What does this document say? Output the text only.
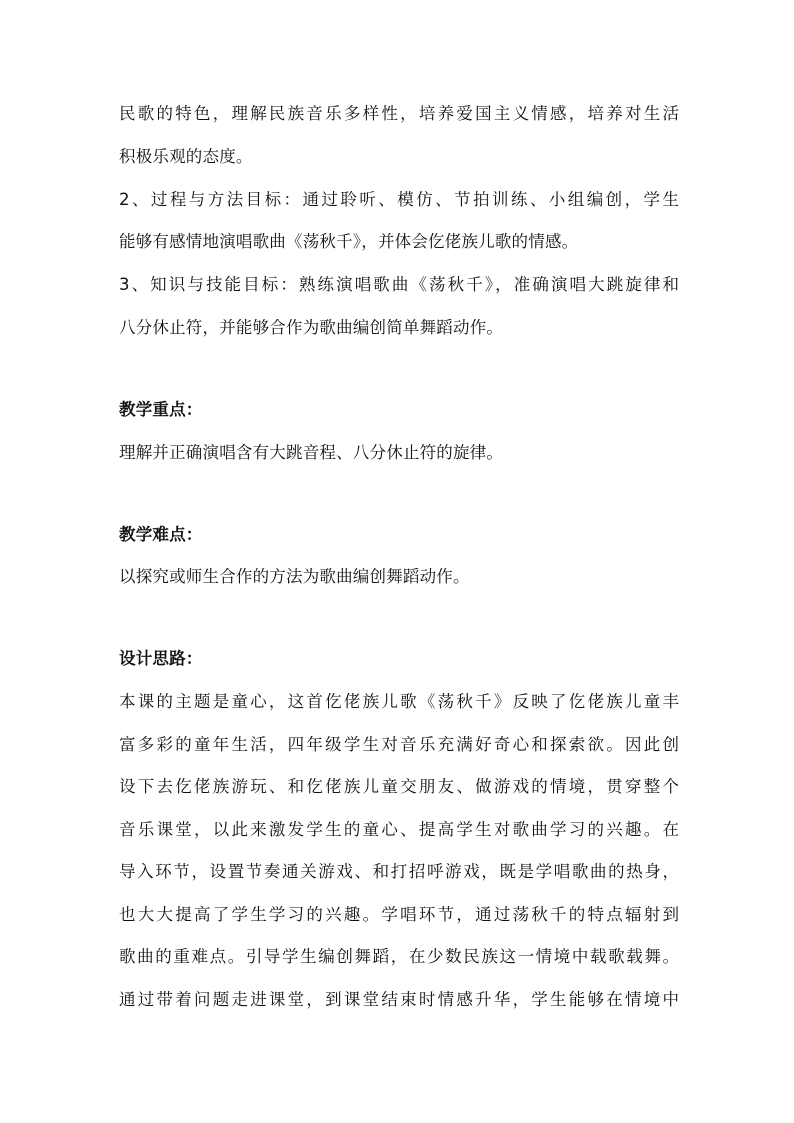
民歌的特色，理解民族音乐多样性，培养爱国主义情感，培养对生活
积极乐观的态度。
2、过程与方法目标：通过聆听、模仿、节拍训练、小组编创，学生
能够有感情地演唱歌曲《荡秋千》，并体会仡佬族儿歌的情感。
3、知识与技能目标：熟练演唱歌曲《荡秋千》，准确演唱大跳旋律和
八分休止符，并能够合作为歌曲编创简单舞蹈动作。
教学重点：
理解并正确演唱含有大跳音程、八分休止符的旋律。
教学难点：
以探究或师生合作的方法为歌曲编创舞蹈动作。
设计思路：
本课的主题是童心，这首仡佬族儿歌《荡秋千》反映了仡佬族儿童丰
富多彩的童年生活，四年级学生对音乐充满好奇心和探索欲。因此创
设下去仡佬族游玩、和仡佬族儿童交朋友、做游戏的情境，贯穿整个
音乐课堂，以此来激发学生的童心、提高学生对歌曲学习的兴趣。在
导入环节，设置节奏通关游戏、和打招呼游戏，既是学唱歌曲的热身，
也大大提高了学生学习的兴趣。学唱环节，通过荡秋千的特点辐射到
歌曲的重难点。引导学生编创舞蹈，在少数民族这一情境中载歌载舞。
通过带着问题走进课堂，到课堂结束时情感升华，学生能够在情境中
